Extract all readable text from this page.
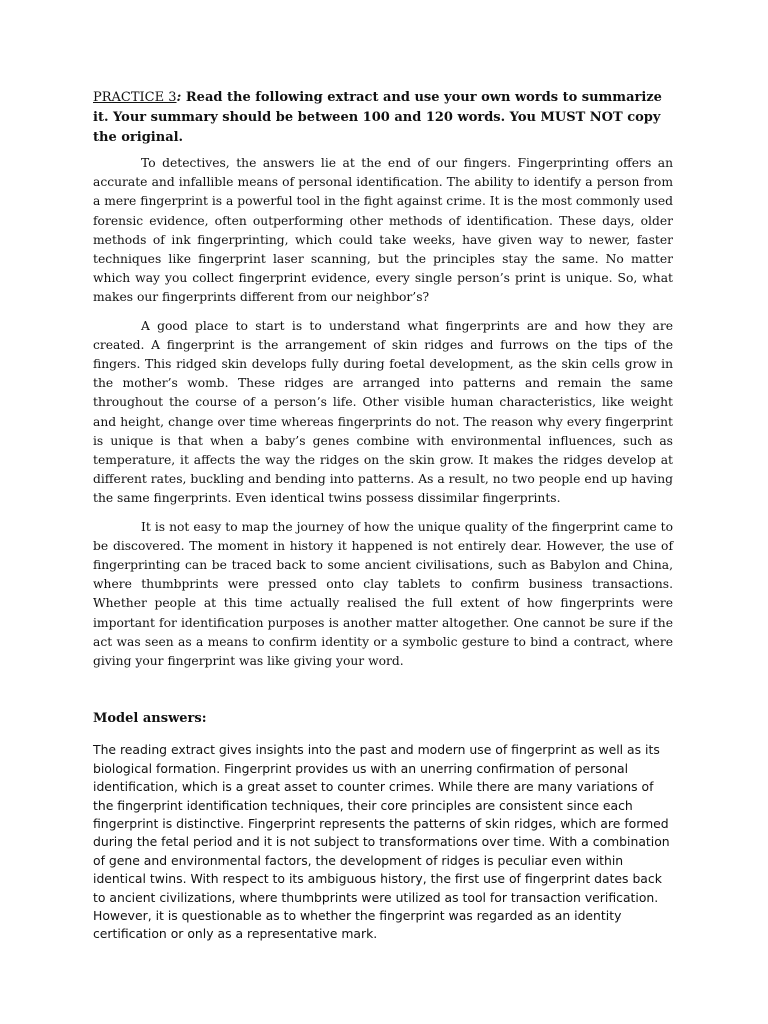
PRACTICE 3: Read the following extract and use your own words to summarize it. Your summary should be between 100 and 120 words. You MUST NOT copy the original.

To detectives, the answers lie at the end of our fingers. Fingerprinting offers an accurate and infallible means of personal identification. The ability to identify a person from a mere fingerprint is a powerful tool in the fight against crime. It is the most commonly used forensic evidence, often outperforming other methods of identification. These days, older methods of ink fingerprinting, which could take weeks, have given way to newer, faster techniques like fingerprint laser scanning, but the principles stay the same. No matter which way you collect fingerprint evidence, every single person’s print is unique. So, what makes our fingerprints different from our neighbor’s?

A good place to start is to understand what fingerprints are and how they are created. A fingerprint is the arrangement of skin ridges and furrows on the tips of the fingers. This ridged skin develops fully during foetal development, as the skin cells grow in the mother’s womb. These ridges are arranged into patterns and remain the same throughout the course of a person’s life. Other visible human characteristics, like weight and height, change over time whereas fingerprints do not. The reason why every fingerprint is unique is that when a baby’s genes combine with environmental influences, such as temperature, it affects the way the ridges on the skin grow. It makes the ridges develop at different rates, buckling and bending into patterns. As a result, no two people end up having the same fingerprints. Even identical twins possess dissimilar fingerprints.

It is not easy to map the journey of how the unique quality of the fingerprint came to be discovered. The moment in history it happened is not entirely dear. However, the use of fingerprinting can be traced back to some ancient civilisations, such as Babylon and China, where thumbprints were pressed onto clay tablets to confirm business transactions. Whether people at this time actually realised the full extent of how fingerprints were important for identification purposes is another matter altogether. One cannot be sure if the act was seen as a means to confirm identity or a symbolic gesture to bind a contract, where giving your fingerprint was like giving your word.

Model answers:

The reading extract gives insights into the past and modern use of fingerprint as well as its biological formation. Fingerprint provides us with an unerring confirmation of personal identification, which is a great asset to counter crimes. While there are many variations of the fingerprint identification techniques, their core principles are consistent since each fingerprint is distinctive. Fingerprint represents the patterns of skin ridges, which are formed during the fetal period and it is not subject to transformations over time. With a combination of gene and environmental factors, the development of ridges is peculiar even within identical twins. With respect to its ambiguous history, the first use of fingerprint dates back to ancient civilizations, where thumbprints were utilized as tool for transaction verification. However, it is questionable as to whether the fingerprint was regarded as an identity certification or only as a representative mark.
